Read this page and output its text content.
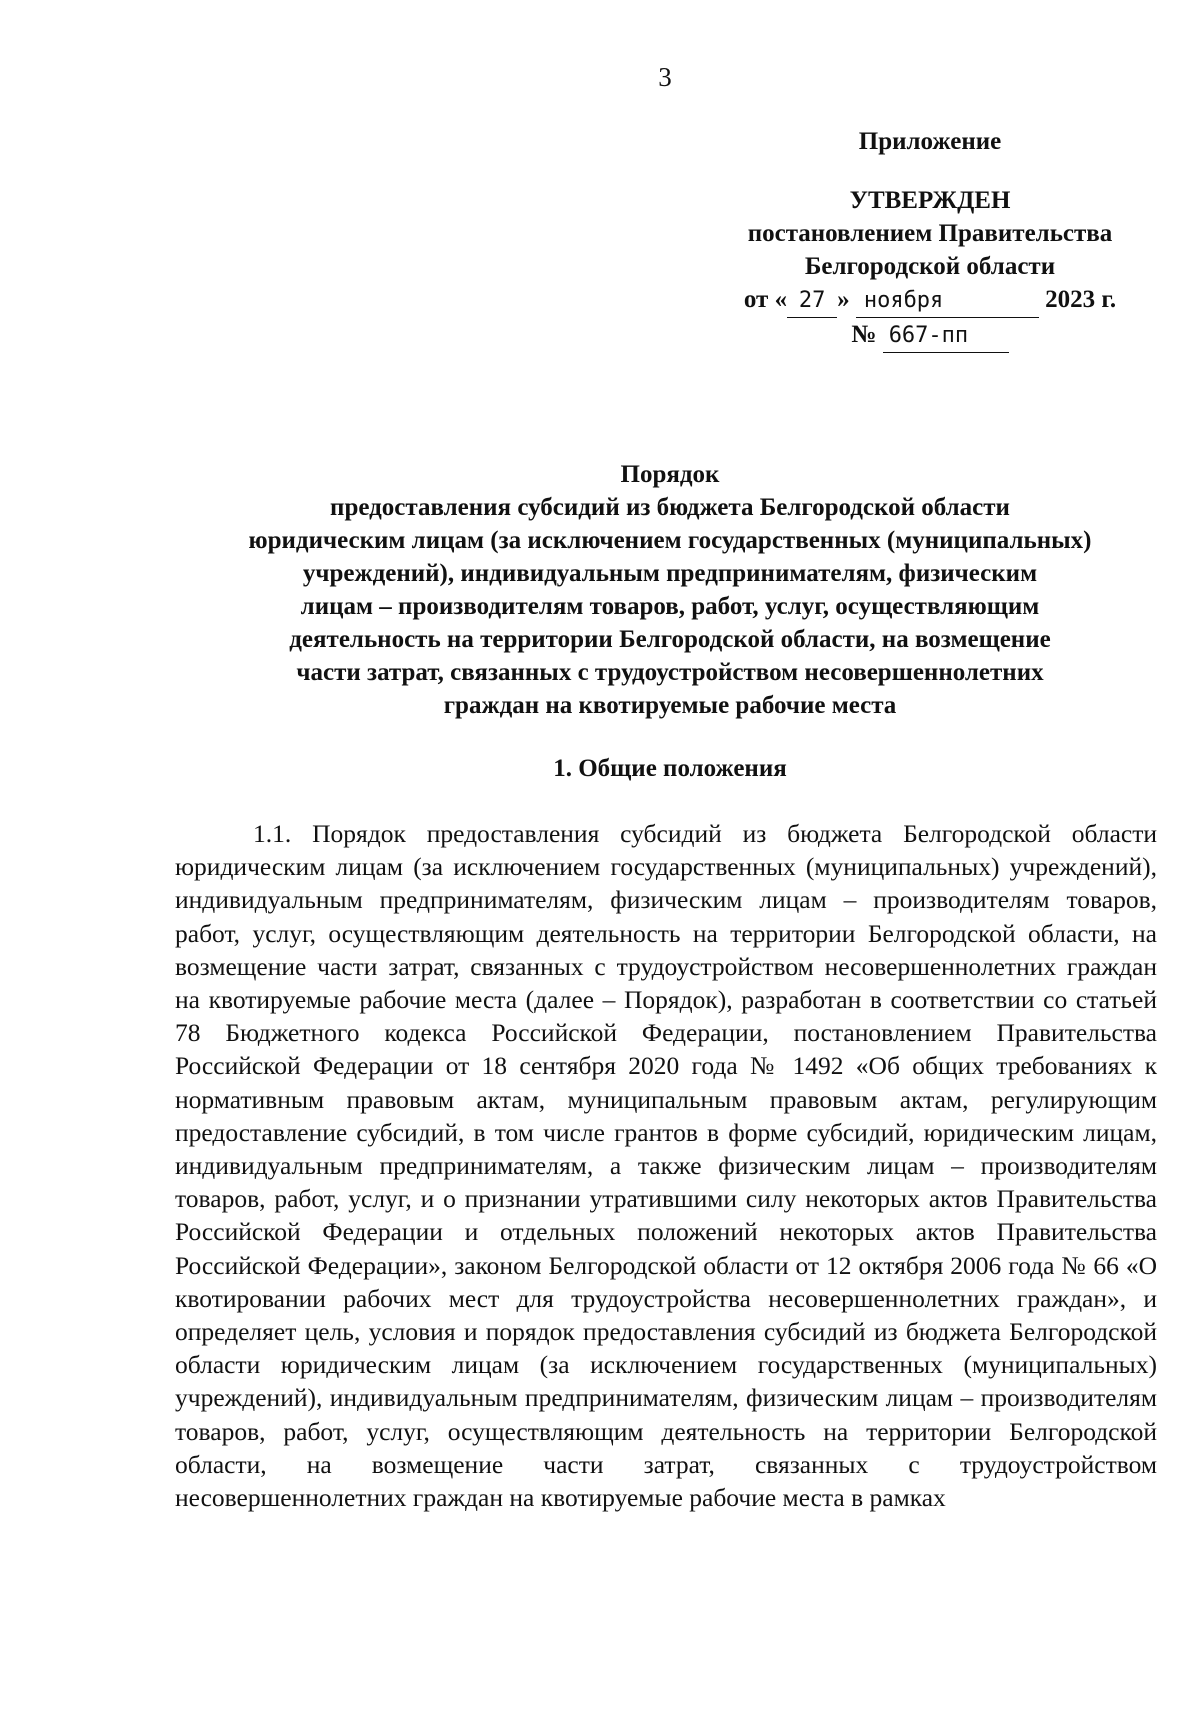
3
Приложение
УТВЕРЖДЕН
постановлением Правительства
Белгородской области
от « 27 » ноября	2023 г.
№ 667-пп
Порядок
предоставления субсидий из бюджета Белгородской области
юридическим лицам (за исключением государственных (муниципальных)
учреждений), индивидуальным предпринимателям, физическим
лицам – производителям товаров, работ, услуг, осуществляющим
деятельность на территории Белгородской области, на возмещение
части затрат, связанных с трудоустройством несовершеннолетних
граждан на квотируемые рабочие места
1. Общие положения
1.1. Порядок предоставления субсидий из бюджета Белгородской области юридическим лицам (за исключением государственных (муниципальных) учреждений), индивидуальным предпринимателям, физическим лицам – производителям товаров, работ, услуг, осуществляющим деятельность на территории Белгородской области, на возмещение части затрат, связанных с трудоустройством несовершеннолетних граждан на квотируемые рабочие места (далее – Порядок), разработан в соответствии со статьей 78 Бюджетного кодекса Российской Федерации, постановлением Правительства Российской Федерации от 18 сентября 2020 года № 1492 «Об общих требованиях к нормативным правовым актам, муниципальным правовым актам, регулирующим предоставление субсидий, в том числе грантов в форме субсидий, юридическим лицам, индивидуальным предпринимателям, а также физическим лицам – производителям товаров, работ, услуг, и о признании утратившими силу некоторых актов Правительства Российской Федерации и отдельных положений некоторых актов Правительства Российской Федерации», законом Белгородской области от 12 октября 2006 года № 66 «О квотировании рабочих мест для трудоустройства несовершеннолетних граждан», и определяет цель, условия и порядок предоставления субсидий из бюджета Белгородской области юридическим лицам (за исключением государственных (муниципальных) учреждений), индивидуальным предпринимателям, физическим лицам – производителям товаров, работ, услуг, осуществляющим деятельность на территории Белгородской области, на возмещение части затрат, связанных с трудоустройством несовершеннолетних граждан на квотируемые рабочие места в рамках
